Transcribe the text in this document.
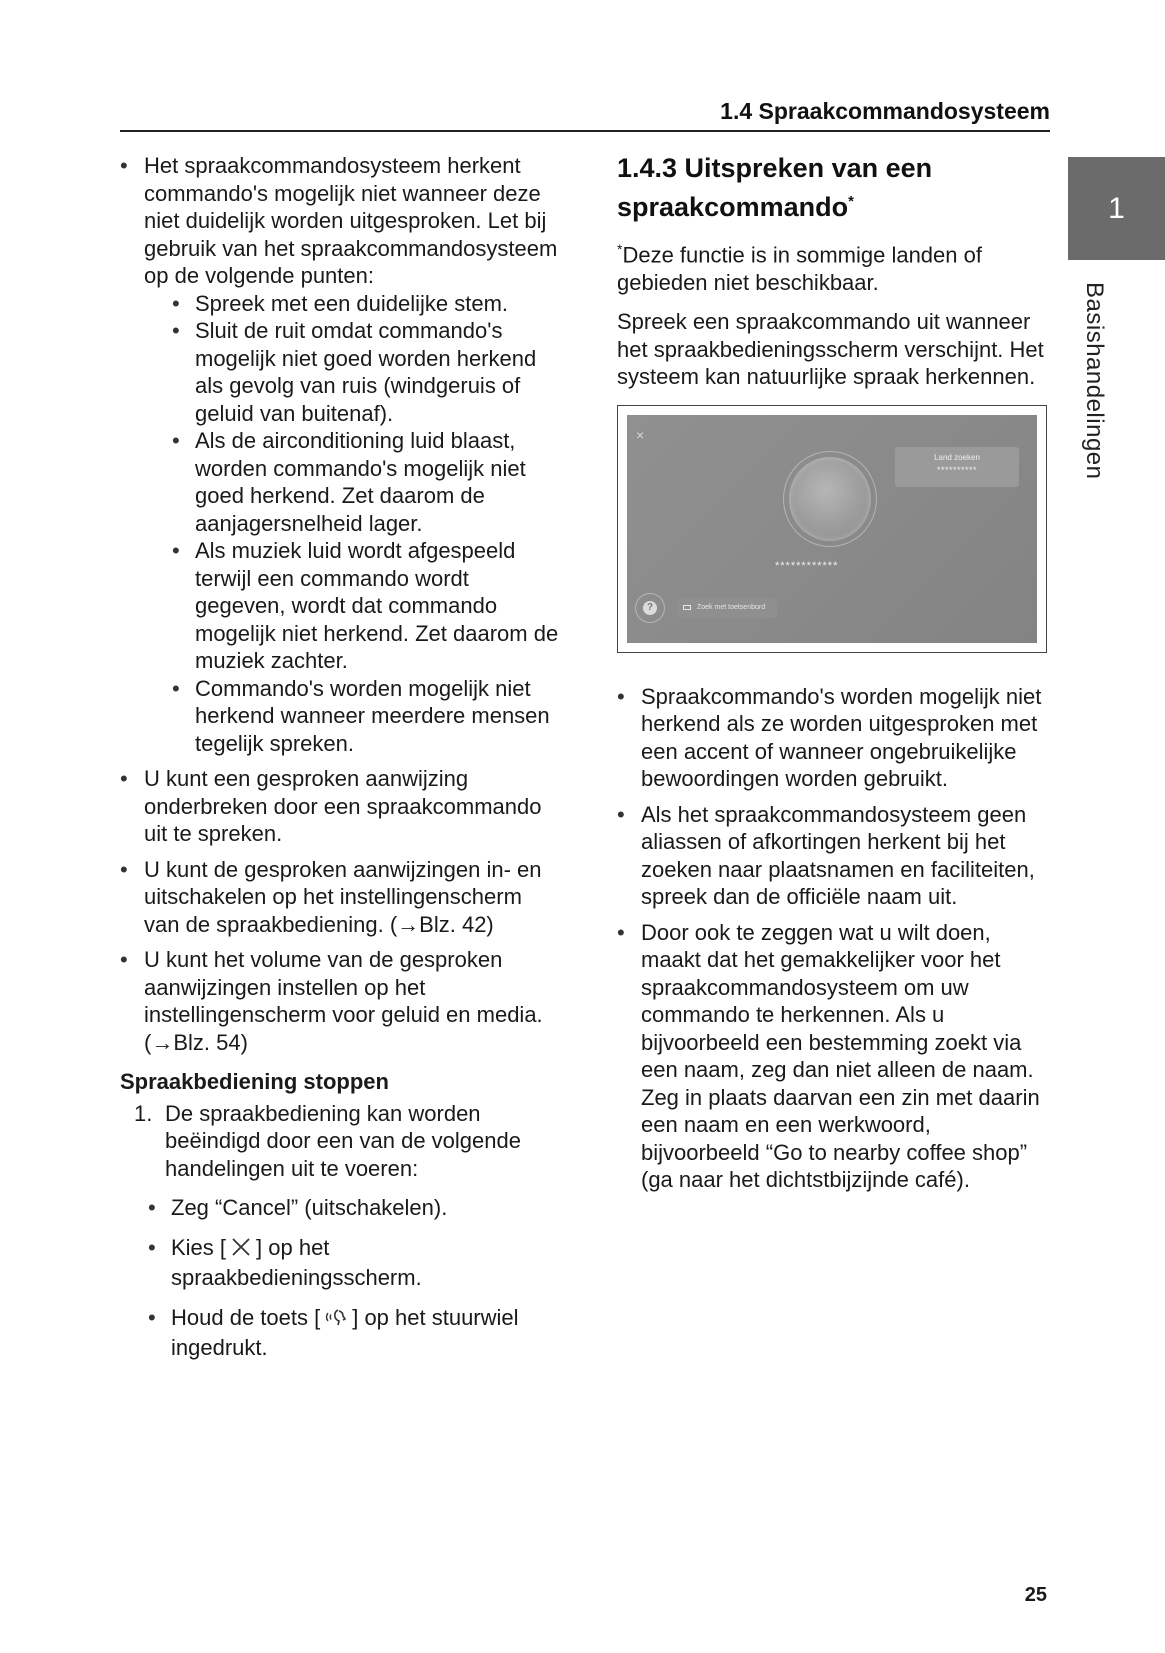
1.4 Spraakcommandosysteem
1
Basishandelingen
• Het spraakcommandosysteem herkent commando's mogelijk niet wanneer deze niet duidelijk worden uitgesproken. Let bij gebruik van het spraakcommandosysteem op de volgende punten:
• Spreek met een duidelijke stem.
• Sluit de ruit omdat commando's mogelijk niet goed worden herkend als gevolg van ruis (windgeruis of geluid van buitenaf).
• Als de airconditioning luid blaast, worden commando's mogelijk niet goed herkend. Zet daarom de aanjagersnelheid lager.
• Als muziek luid wordt afgespeeld terwijl een commando wordt gegeven, wordt dat commando mogelijk niet herkend. Zet daarom de muziek zachter.
• Commando's worden mogelijk niet herkend wanneer meerdere mensen tegelijk spreken.
• U kunt een gesproken aanwijzing onderbreken door een spraakcommando uit te spreken.
• U kunt de gesproken aanwijzingen in- en uitschakelen op het instellingenscherm van de spraakbediening. (→Blz. 42)
• U kunt het volume van de gesproken aanwijzingen instellen op het instellingenscherm voor geluid en media. (→Blz. 54)
Spraakbediening stoppen
1. De spraakbediening kan worden beëindigd door een van de volgende handelingen uit te voeren:
• Zeg “Cancel” (uitschakelen).
• Kies [ ] op het spraakbedieningsscherm.
• Houd de toets [ ] op het stuurwiel ingedrukt.
1.4.3 Uitspreken van een spraakcommando*
*Deze functie is in sommige landen of gebieden niet beschikbaar.
Spreek een spraakcommando uit wanneer het spraakbedieningsscherm verschijnt. Het systeem kan natuurlijke spraak herkennen.
×
Land zoeken
**********
************
?	Zoek met toetsenbord
• Spraakcommando's worden mogelijk niet herkend als ze worden uitgesproken met een accent of wanneer ongebruikelijke bewoordingen worden gebruikt.
• Als het spraakcommandosysteem geen aliassen of afkortingen herkent bij het zoeken naar plaatsnamen en faciliteiten, spreek dan de officiële naam uit.
• Door ook te zeggen wat u wilt doen, maakt dat het gemakkelijker voor het spraakcommandosysteem om uw commando te herkennen. Als u bijvoorbeeld een bestemming zoekt via een naam, zeg dan niet alleen de naam. Zeg in plaats daarvan een zin met daarin een naam en een werkwoord, bijvoorbeeld “Go to nearby coffee shop” (ga naar het dichtstbijzijnde café).
25
